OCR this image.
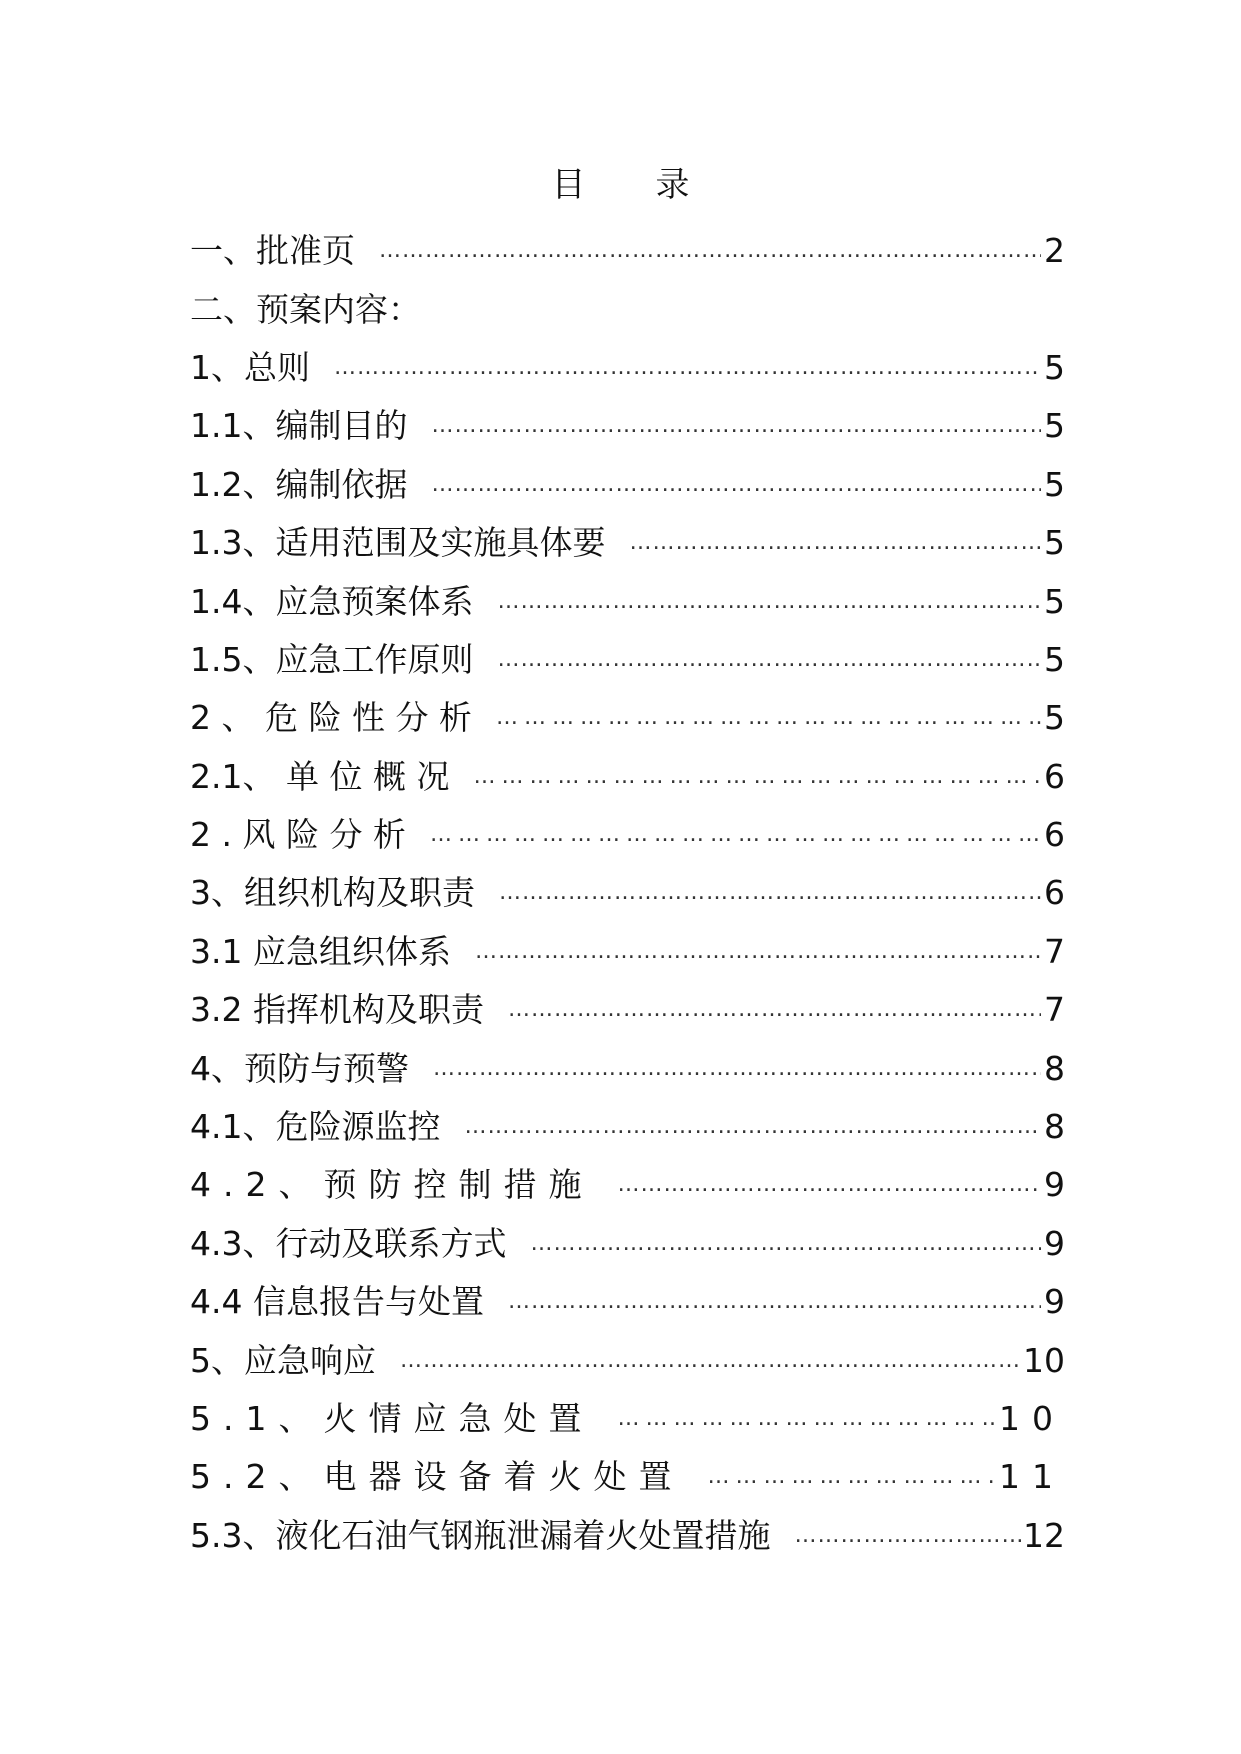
目 录
一、批准页 ………………………………………………………………………………………………………………………………	2
二、预案内容：
1、总则 ………………………………………………………………………………………………………………………………	5
1.1、编制目的 ………………………………………………………………………………………………………………………………	5
1.2、编制依据 ………………………………………………………………………………………………………………………………	5
1.3、适用范围及实施具体要 ………………………………………………………………………………………………………………………………	5
1.4、应急预案体系 ………………………………………………………………………………………………………………………………	5
1.5、应急工作原则 ………………………………………………………………………………………………………………………………	5
2 、 危 险 性 分 析 ………………………………………………………………………………………………………………………………	5
2.1、 单 位 概 况 ………………………………………………………………………………………………………………………………	6
2 . 风 险 分 析 ………………………………………………………………………………………………………………………………	6
3、组织机构及职责 ………………………………………………………………………………………………………………………………	6
3.1 应急组织体系 ………………………………………………………………………………………………………………………………	7
3.2 指挥机构及职责 ………………………………………………………………………………………………………………………………	7
4、预防与预警 ………………………………………………………………………………………………………………………………	8
4.1、危险源监控 ………………………………………………………………………………………………………………………………	8
4.2、预防控制措施 ………………………………………………………………………………………………………………………………	9
4.3、行动及联系方式 ………………………………………………………………………………………………………………………………	9
4.4 信息报告与处置 ………………………………………………………………………………………………………………………………	9
5、应急响应 ………………………………………………………………………………………………………………………………	10
5.1、火情应急处置 ………………………………………………………………………………………………………………………………	10
5.2、电器设备着火处置 ………………………………………………………………………………………………………………………………	11
5.3、液化石油气钢瓶泄漏着火处置措施 ………………………………………………………………………………………………………………………………	12
